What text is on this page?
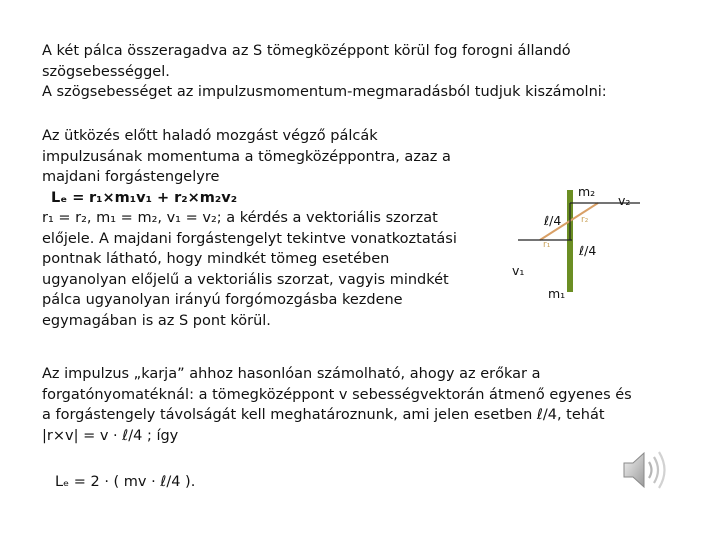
A két pálca összeragadva az S tömegközéppont körül fog forogni állandó
szögsebességgel.
A szögsebességet az impulzusmomentum-megmaradásból tudjuk kiszámolni:
Az ütközés előtt haladó mozgást végző pálcák
impulzusának momentuma a tömegközéppontra, azaz a
majdani forgástengelyre
Lₑ = r₁×m₁v₁ + r₂×m₂v₂
r₁ = r₂, m₁ = m₂, v₁ = v₂; a kérdés a vektoriális szorzat
előjele. A majdani forgástengelyt tekintve vonatkoztatási
pontnak látható, hogy mindkét tömeg esetében
ugyanolyan előjelű a vektoriális szorzat, vagyis mindkét
pálca ugyanolyan irányú forgómozgásba kezdene
egymagában is az S pont körül.
m₂
v₂
ℓ/4 r₂
r₁ ℓ/4
v₁
m₁
Az impulzus „karja” ahhoz hasonlóan számolható, ahogy az erőkar a
forgatónyomatéknál: a tömegközéppont v sebességvektorán átmenő egyenes és
a forgástengely távolságát kell meghatároznunk, ami jelen esetben ℓ/4, tehát
|r×v| = v · ℓ/4 ; így
Lₑ = 2 · ( mv · ℓ/4 ).
